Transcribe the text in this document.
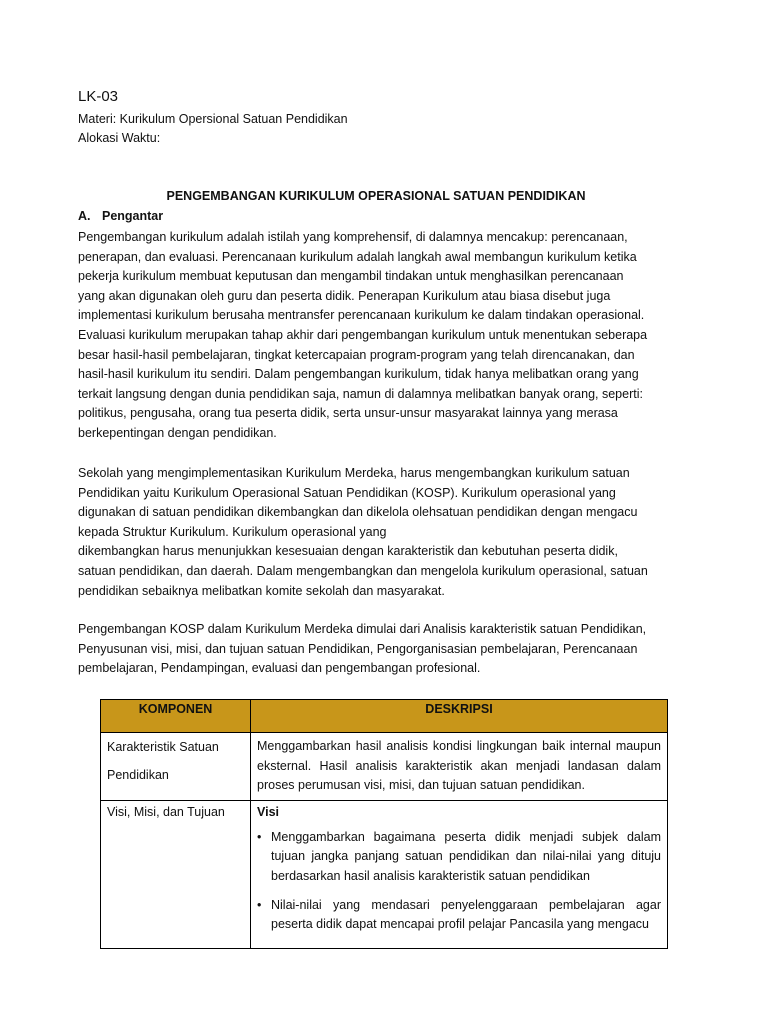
LK-03
Materi: Kurikulum Opersional Satuan Pendidikan
Alokasi Waktu:
PENGEMBANGAN KURIKULUM OPERASIONAL SATUAN PENDIDIKAN
A. Pengantar
Pengembangan kurikulum adalah istilah yang komprehensif, di dalamnya mencakup: perencanaan,
penerapan, dan evaluasi. Perencanaan kurikulum adalah langkah awal membangun kurikulum ketika
pekerja kurikulum membuat keputusan dan mengambil tindakan untuk menghasilkan perencanaan
yang akan digunakan oleh guru dan peserta didik. Penerapan Kurikulum atau biasa disebut juga
implementasi kurikulum berusaha mentransfer perencanaan kurikulum ke dalam tindakan operasional.
Evaluasi kurikulum merupakan tahap akhir dari pengembangan kurikulum untuk menentukan seberapa
besar hasil-hasil pembelajaran, tingkat ketercapaian program-program yang telah direncanakan, dan
hasil-hasil kurikulum itu sendiri. Dalam pengembangan kurikulum, tidak hanya melibatkan orang yang
terkait langsung dengan dunia pendidikan saja, namun di dalamnya melibatkan banyak orang, seperti:
politikus, pengusaha, orang tua peserta didik, serta unsur-unsur masyarakat lainnya yang merasa
berkepentingan dengan pendidikan.
Sekolah yang mengimplementasikan Kurikulum Merdeka, harus mengembangkan kurikulum satuan
Pendidikan yaitu Kurikulum Operasional Satuan Pendidikan (KOSP). Kurikulum operasional yang
digunakan di satuan pendidikan dikembangkan dan dikelola olehsatuan pendidikan dengan mengacu
kepada Struktur Kurikulum. Kurikulum operasional yang
dikembangkan harus menunjukkan kesesuaian dengan karakteristik dan kebutuhan peserta didik,
satuan pendidikan, dan daerah. Dalam mengembangkan dan mengelola kurikulum operasional, satuan
pendidikan sebaiknya melibatkan komite sekolah dan masyarakat.
Pengembangan KOSP dalam Kurikulum Merdeka dimulai dari Analisis karakteristik satuan Pendidikan,
Penyusunan visi, misi, dan tujuan satuan Pendidikan, Pengorganisasian pembelajaran, Perencanaan
pembelajaran, Pendampingan, evaluasi dan pengembangan profesional.
KOMPONEN	DESKRIPSI
Karakteristik Satuan Pendidikan	Menggambarkan hasil analisis kondisi lingkungan baik internal maupun eksternal. Hasil analisis karakteristik akan menjadi landasan dalam proses perumusan visi, misi, dan tujuan satuan pendidikan.
Visi, Misi, dan Tujuan	Visi
• Menggambarkan bagaimana peserta didik menjadi subjek dalam tujuan jangka panjang satuan pendidikan dan nilai-nilai yang dituju berdasarkan hasil analisis karakteristik satuan pendidikan
• Nilai-nilai yang mendasari penyelenggaraan pembelajaran agar peserta didik dapat mencapai profil pelajar Pancasila yang mengacu
